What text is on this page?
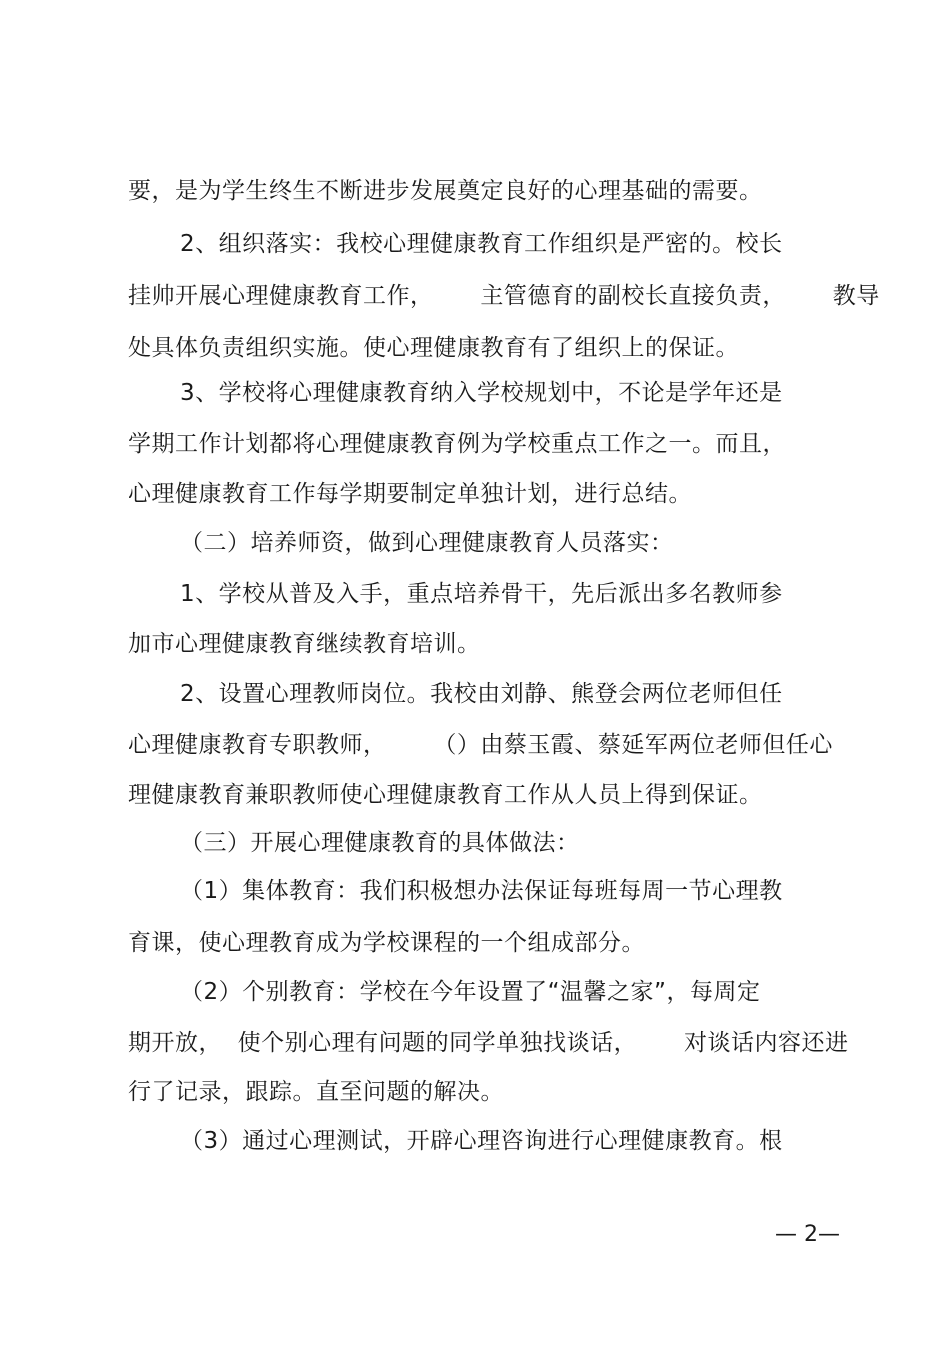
要，是为学生终生不断进步发展奠定良好的心理基础的需要。
2、组织落实：我校心理健康教育工作组织是严密的。校长
挂帅开展心理健康教育工作，      主管德育的副校长直接负责，      教导
处具体负责组织实施。使心理健康教育有了组织上的保证。
3、学校将心理健康教育纳入学校规划中，不论是学年还是
学期工作计划都将心理健康教育例为学校重点工作之一。而且，
心理健康教育工作每学期要制定单独计划，进行总结。
（二）培养师资，做到心理健康教育人员落实：
1、学校从普及入手，重点培养骨干，先后派出多名教师参
加市心理健康教育继续教育培训。
2、设置心理教师岗位。我校由刘静、熊登会两位老师但任
心理健康教育专职教师，      （）由蔡玉霞、蔡延军两位老师但任心
理健康教育兼职教师使心理健康教育工作从人员上得到保证。
（三）开展心理健康教育的具体做法：
（1）集体教育：我们积极想办法保证每班每周一节心理教
育课，使心理教育成为学校课程的一个组成部分。
（2）个别教育：学校在今年设置了“温馨之家”，每周定
期开放，  使个别心理有问题的同学单独找谈话，      对谈话内容还进
行了记录，跟踪。直至问题的解决。
（3）通过心理测试，开辟心理咨询进行心理健康教育。根
— 2—
